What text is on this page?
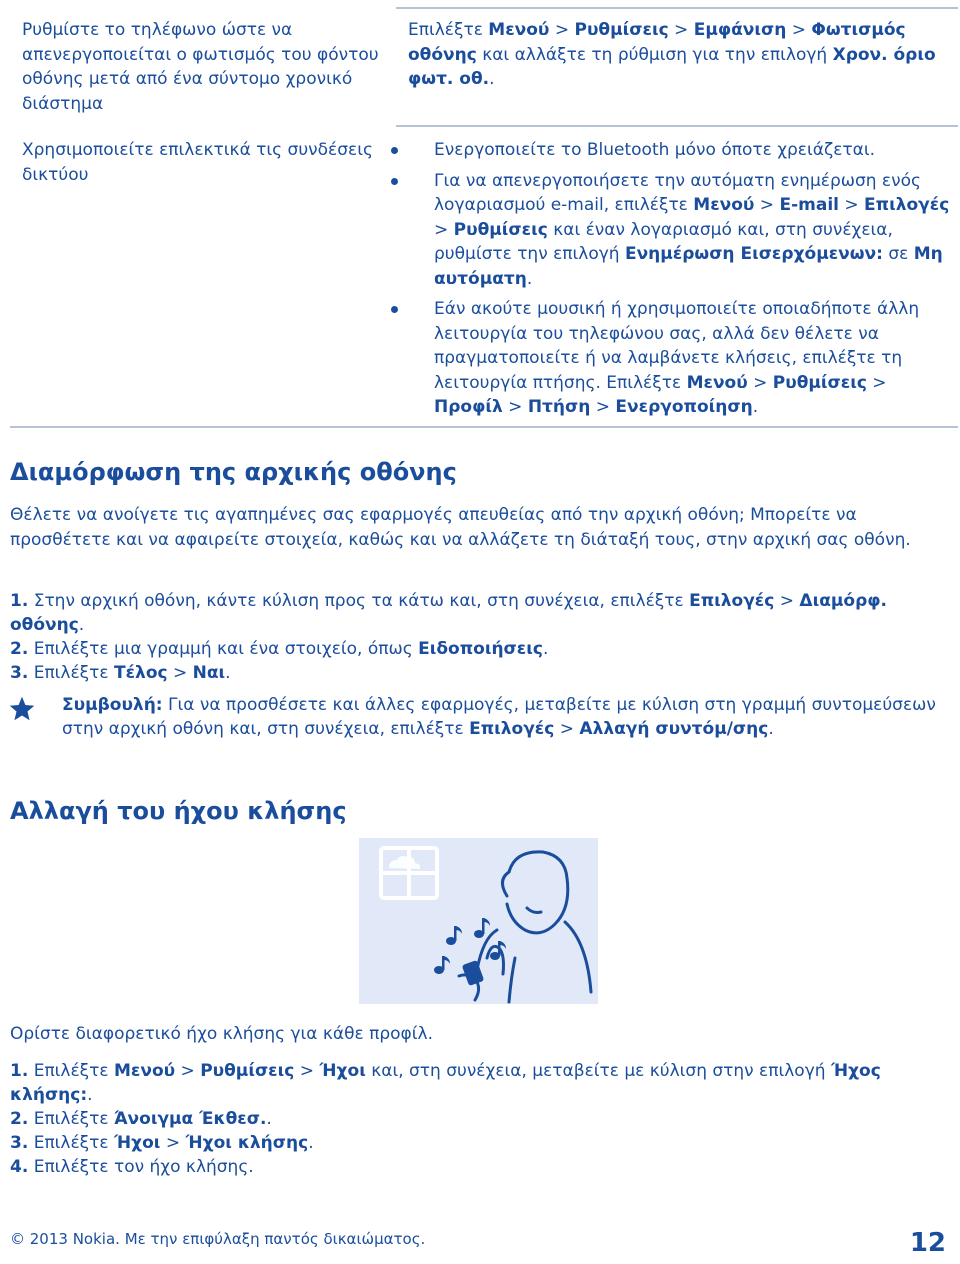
Ρυθμίστε το τηλέφωνο ώστε να απενεργοποιείται ο φωτισμός του φόντου οθόνης μετά από ένα σύντομο χρονικό διάστημα
Επιλέξτε Μενού > Ρυθμίσεις > Εμφάνιση > Φωτισμός οθόνης και αλλάξτε τη ρύθμιση για την επιλογή Χρον. όριο φωτ. οθ..
Χρησιμοποιείτε επιλεκτικά τις συνδέσεις δικτύου
Ενεργοποιείτε το Bluetooth μόνο όποτε χρειάζεται.
Για να απενεργοποιήσετε την αυτόματη ενημέρωση ενός λογαριασμού e-mail, επιλέξτε Μενού > E-mail > Επιλογές > Ρυθμίσεις και έναν λογαριασμό και, στη συνέχεια, ρυθμίστε την επιλογή Ενημέρωση Εισερχόμενων: σε Μη αυτόματη.
Εάν ακούτε μουσική ή χρησιμοποιείτε οποιαδήποτε άλλη λειτουργία του τηλεφώνου σας, αλλά δεν θέλετε να πραγματοποιείτε ή να λαμβάνετε κλήσεις, επιλέξτε τη λειτουργία πτήσης. Επιλέξτε Μενού > Ρυθμίσεις > Προφίλ > Πτήση > Ενεργοποίηση.
Διαμόρφωση της αρχικής οθόνης
Θέλετε να ανοίγετε τις αγαπημένες σας εφαρμογές απευθείας από την αρχική οθόνη; Μπορείτε να προσθέτετε και να αφαιρείτε στοιχεία, καθώς και να αλλάζετε τη διάταξή τους, στην αρχική σας οθόνη.
1. Στην αρχική οθόνη, κάντε κύλιση προς τα κάτω και, στη συνέχεια, επιλέξτε Επιλογές > Διαμόρφ. οθόνης.
2. Επιλέξτε μια γραμμή και ένα στοιχείο, όπως Ειδοποιήσεις.
3. Επιλέξτε Τέλος > Ναι.
Συμβουλή: Για να προσθέσετε και άλλες εφαρμογές, μεταβείτε με κύλιση στη γραμμή συντομεύσεων στην αρχική οθόνη και, στη συνέχεια, επιλέξτε Επιλογές > Αλλαγή συντόμ/σης.
Αλλαγή του ήχου κλήσης
Ορίστε διαφορετικό ήχο κλήσης για κάθε προφίλ.
1. Επιλέξτε Μενού > Ρυθμίσεις > Ήχοι και, στη συνέχεια, μεταβείτε με κύλιση στην επιλογή Ήχος κλήσης:.
2. Επιλέξτε Άνοιγμα Έκθεσ..
3. Επιλέξτε Ήχοι > Ήχοι κλήσης.
4. Επιλέξτε τον ήχο κλήσης.
© 2013 Nokia. Με την επιφύλαξη παντός δικαιώματος.	12
